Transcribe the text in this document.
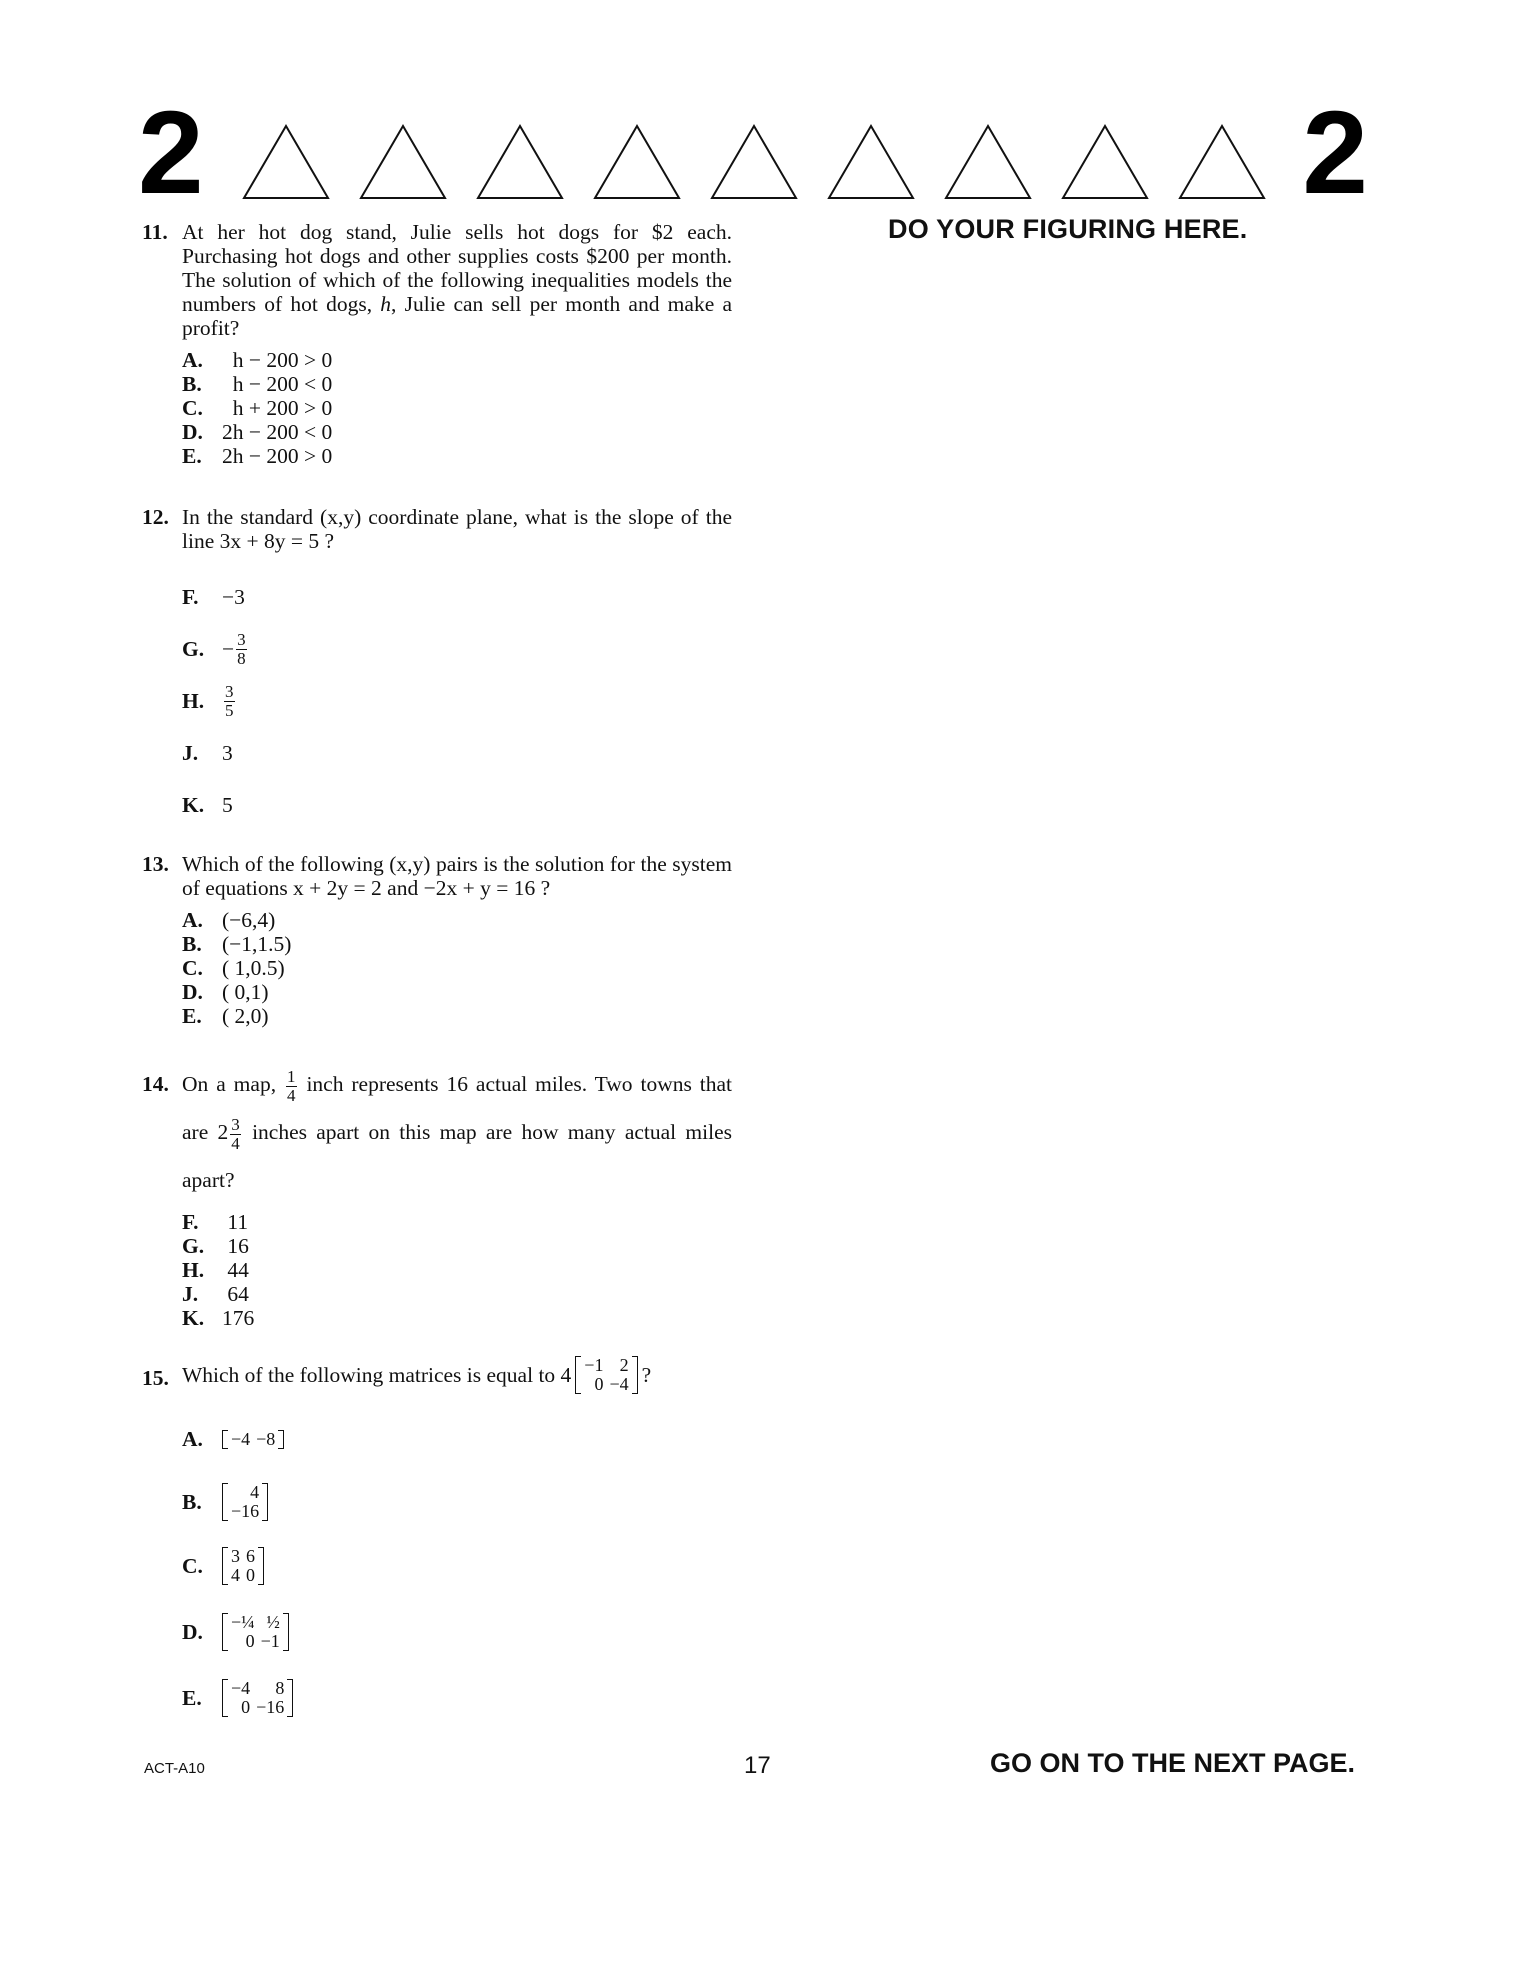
2	2
DO YOUR FIGURING HERE.
11. At her hot dog stand, Julie sells hot dogs for $2 each. Purchasing hot dogs and other supplies costs $200 per month. The solution of which of the following inequalities models the numbers of hot dogs, h, Julie can sell per month and make a profit?
A. h − 200 > 0
B. h − 200 < 0
C. h + 200 > 0
D. 2h − 200 < 0
E. 2h − 200 > 0
12. In the standard (x,y) coordinate plane, what is the slope of the line 3x + 8y = 5 ?
F.	−3
G. − $\frac{3}{8}$
H.	$\frac{3}{5}$
J.	3
K. 5
13. Which of the following (x,y) pairs is the solution for the system of equations x + 2y = 2 and −2x + y = 16 ?
A. (−6,4)
B. (−1,1.5)
C. ( 1,0.5)
D. ( 0,1)
E. ( 2,0)
14. On a map, $\frac{1}{4}$ inch represents 16 actual miles. Two towns that are $2 \frac{3}{4}$ inches apart on this map are how many actual miles apart?
F.	11
G. 16
H. 44
J.	64
K. 176
15. Which of the following matrices is equal to 4 −1	2
0	−4 ?
A.	−4	−8
B.	4
−16
C.	3	6
4	0
D.	−¼	½
0	−1
E.	−4	8
0	−16
ACT-A10	17	GO ON TO THE NEXT PAGE.
